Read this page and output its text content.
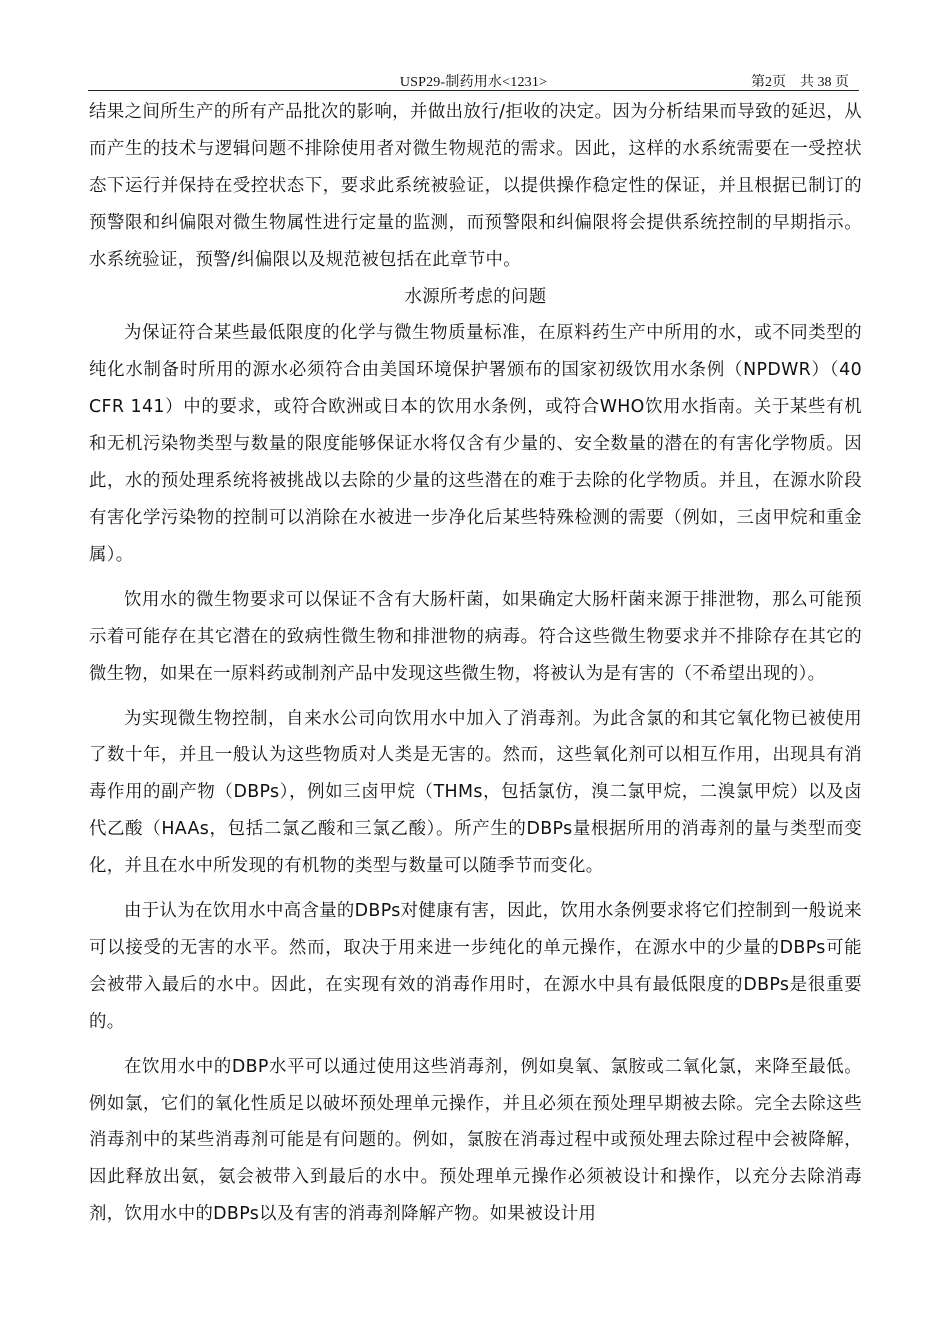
USP29-制药用水<1231>	第2页    共 38 页

结果之间所生产的所有产品批次的影响，并做出放行/拒收的决定。因为分析结果而导致的延迟，从而产生的技术与逻辑问题不排除使用者对微生物规范的需求。因此，这样的水系统需要在一受控状态下运行并保持在受控状态下，要求此系统被验证，以提供操作稳定性的保证，并且根据已制订的预警限和纠偏限对微生物属性进行定量的监测，而预警限和纠偏限将会提供系统控制的早期指示。水系统验证，预警/纠偏限以及规范被包括在此章节中。

水源所考虑的问题

为保证符合某些最低限度的化学与微生物质量标准，在原料药生产中所用的水，或不同类型的纯化水制备时所用的源水必须符合由美国环境保护署颁布的国家初级饮用水条例（NPDWR）（40 CFR 141）中的要求，或符合欧洲或日本的饮用水条例，或符合WHO饮用水指南。关于某些有机和无机污染物类型与数量的限度能够保证水将仅含有少量的、安全数量的潜在的有害化学物质。因此，水的预处理系统将被挑战以去除的少量的这些潜在的难于去除的化学物质。并且，在源水阶段有害化学污染物的控制可以消除在水被进一步净化后某些特殊检测的需要（例如，三卤甲烷和重金属）。

饮用水的微生物要求可以保证不含有大肠杆菌，如果确定大肠杆菌来源于排泄物，那么可能预示着可能存在其它潜在的致病性微生物和排泄物的病毒。符合这些微生物要求并不排除存在其它的微生物，如果在一原料药或制剂产品中发现这些微生物，将被认为是有害的（不希望出现的）。

为实现微生物控制，自来水公司向饮用水中加入了消毒剂。为此含氯的和其它氧化物已被使用了数十年，并且一般认为这些物质对人类是无害的。然而，这些氧化剂可以相互作用，出现具有消毒作用的副产物（DBPs），例如三卤甲烷（THMs，包括氯仿，溴二氯甲烷，二溴氯甲烷）以及卤代乙酸（HAAs，包括二氯乙酸和三氯乙酸）。所产生的DBPs量根据所用的消毒剂的量与类型而变化，并且在水中所发现的有机物的类型与数量可以随季节而变化。

由于认为在饮用水中高含量的DBPs对健康有害，因此，饮用水条例要求将它们控制到一般说来可以接受的无害的水平。然而，取决于用来进一步纯化的单元操作，在源水中的少量的DBPs可能会被带入最后的水中。因此，在实现有效的消毒作用时，在源水中具有最低限度的DBPs是很重要的。

在饮用水中的DBP水平可以通过使用这些消毒剂，例如臭氧、氯胺或二氧化氯，来降至最低。例如氯，它们的氧化性质足以破坏预处理单元操作，并且必须在预处理早期被去除。完全去除这些消毒剂中的某些消毒剂可能是有问题的。例如，氯胺在消毒过程中或预处理去除过程中会被降解，因此释放出氨，氨会被带入到最后的水中。预处理单元操作必须被设计和操作，以充分去除消毒剂，饮用水中的DBPs以及有害的消毒剂降解产物。如果被设计用
